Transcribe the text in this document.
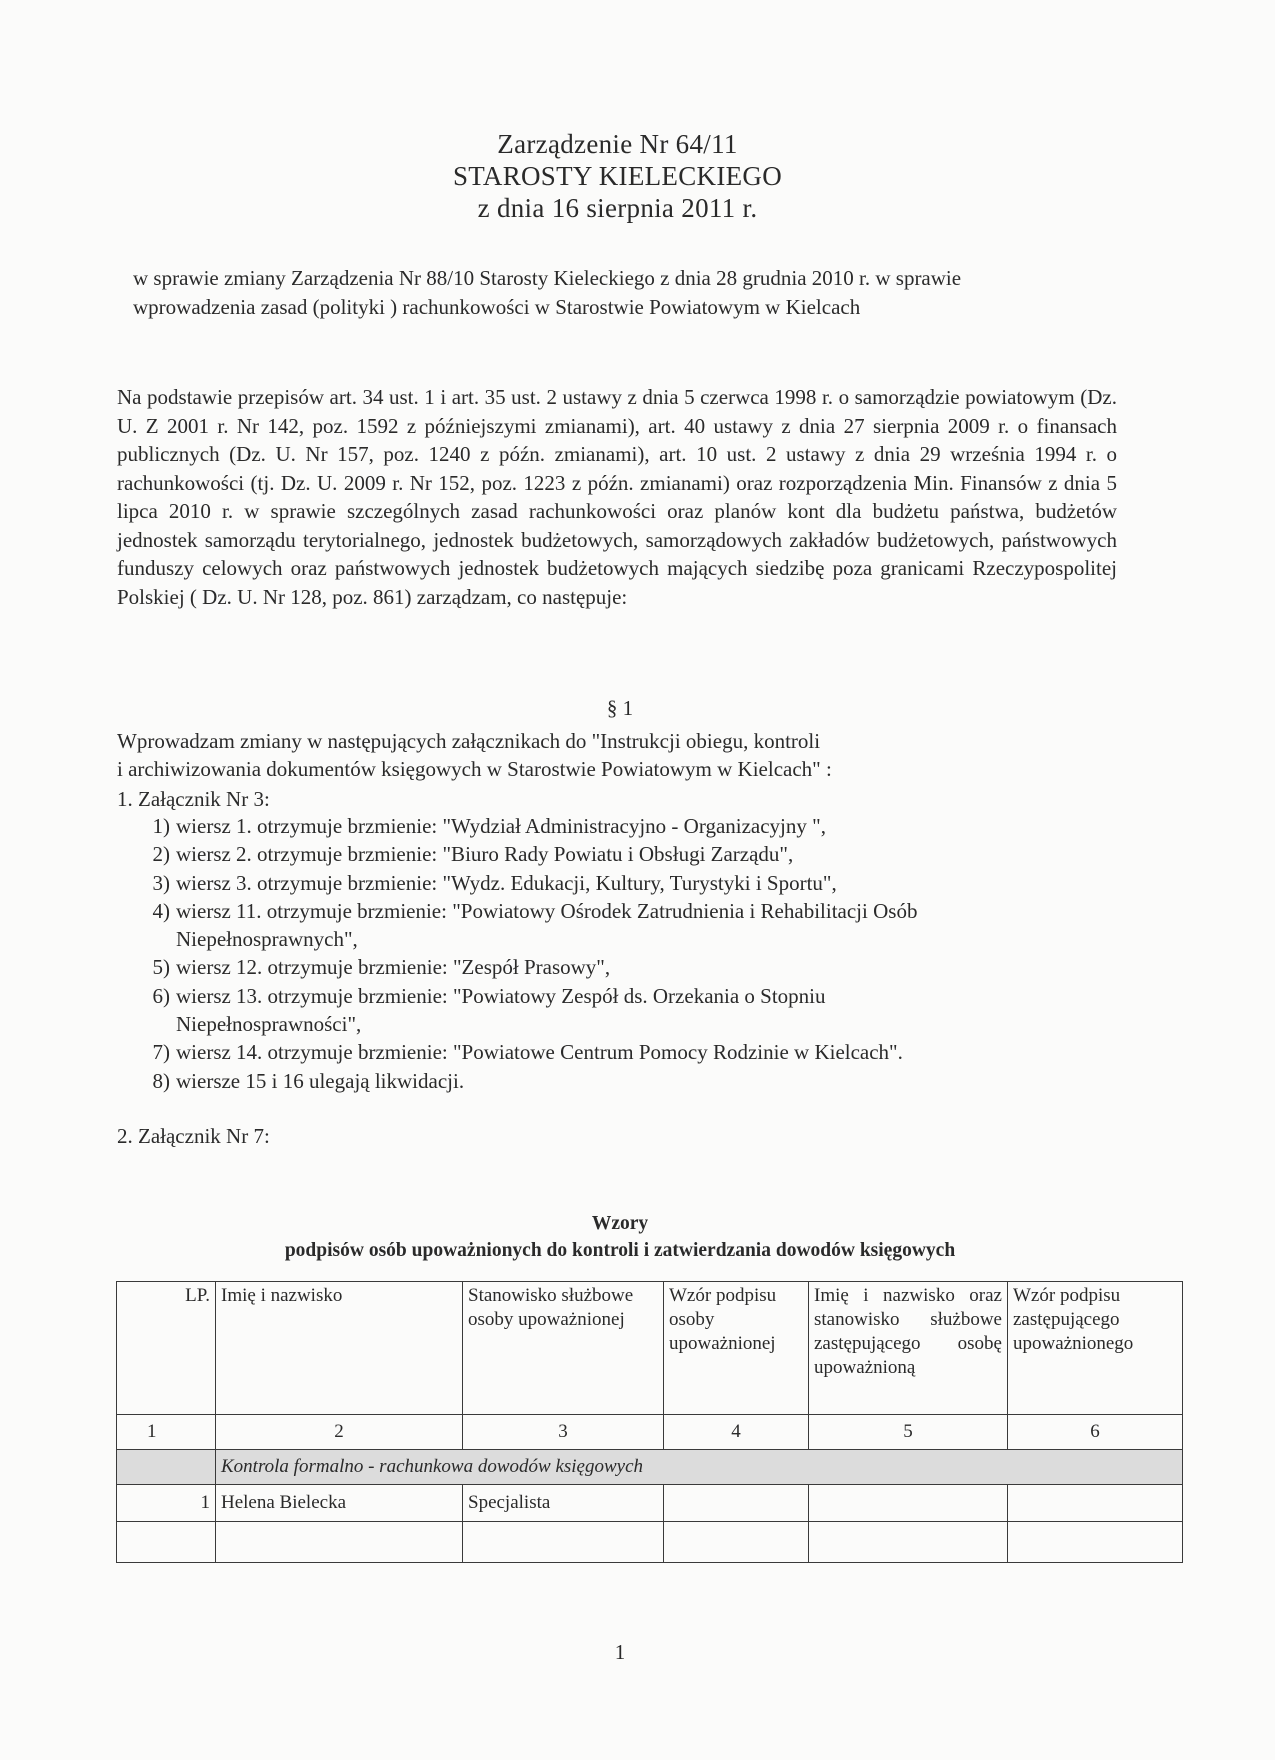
Zarządzenie Nr 64/11
STAROSTY KIELECKIEGO
z dnia 16 sierpnia 2011 r.
w sprawie zmiany Zarządzenia Nr 88/10 Starosty Kieleckiego z dnia 28 grudnia 2010 r. w sprawie
wprowadzenia zasad (polityki ) rachunkowości w Starostwie Powiatowym w Kielcach
Na podstawie przepisów art. 34 ust. 1 i art. 35 ust. 2 ustawy z dnia 5 czerwca 1998 r. o samorządzie powiatowym (Dz. U. Z 2001 r. Nr 142, poz. 1592 z późniejszymi zmianami), art. 40 ustawy z dnia 27 sierpnia 2009 r. o finansach publicznych (Dz. U. Nr 157, poz. 1240 z późn. zmianami), art. 10 ust. 2 ustawy z dnia 29 września 1994 r. o rachunkowości (tj. Dz. U. 2009 r. Nr 152, poz. 1223 z późn. zmianami) oraz rozporządzenia Min. Finansów z dnia 5 lipca 2010 r. w sprawie szczególnych zasad rachunkowości oraz planów kont dla budżetu państwa, budżetów jednostek samorządu terytorialnego, jednostek budżetowych, samorządowych zakładów budżetowych, państwowych funduszy celowych oraz państwowych jednostek budżetowych mających siedzibę poza granicami Rzeczypospolitej Polskiej ( Dz. U. Nr 128, poz. 861) zarządzam, co następuje:
§ 1
Wprowadzam zmiany w następujących załącznikach do "Instrukcji obiegu, kontroli
i archiwizowania dokumentów księgowych w Starostwie Powiatowym w Kielcach" :
1. Załącznik Nr 3:
1) wiersz 1. otrzymuje brzmienie: "Wydział Administracyjno - Organizacyjny ",
2) wiersz 2. otrzymuje brzmienie: "Biuro Rady Powiatu i Obsługi Zarządu",
3) wiersz 3. otrzymuje brzmienie: "Wydz. Edukacji, Kultury, Turystyki i Sportu",
4) wiersz 11. otrzymuje brzmienie: "Powiatowy Ośrodek Zatrudnienia i Rehabilitacji Osób
Niepełnosprawnych",
5) wiersz 12. otrzymuje brzmienie: "Zespół Prasowy",
6) wiersz 13. otrzymuje brzmienie: "Powiatowy Zespół ds. Orzekania o Stopniu
Niepełnosprawności",
7) wiersz 14. otrzymuje brzmienie: "Powiatowe Centrum Pomocy Rodzinie w Kielcach".
8) wiersze 15 i 16 ulegają likwidacji.
2. Załącznik Nr 7:
Wzory
podpisów osób upoważnionych do kontroli i zatwierdzania dowodów księgowych
LP.	Imię i nazwisko	Stanowisko służbowe osoby upoważnionej	Wzór podpisu osoby upoważnionej	Imię i nazwisko oraz stanowisko służbowe zastępującego osobę upoważnioną	Wzór podpisu zastępującego upoważnionego
1	2	3	4	5	6
	Kontrola formalno - rachunkowa dowodów księgowych				
1	Helena Bielecka	Specjalista			

1
